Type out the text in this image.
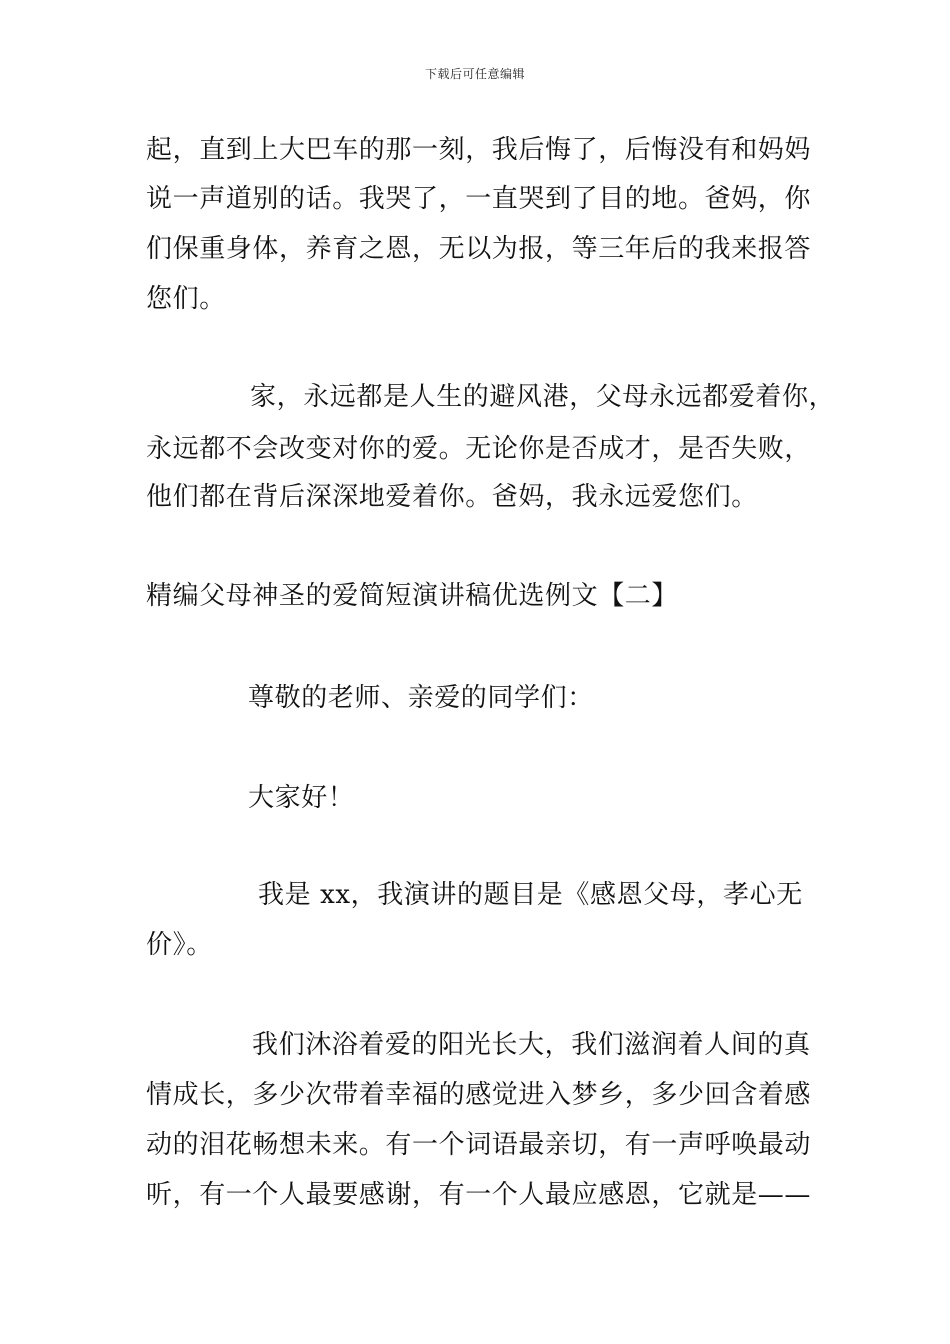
下载后可任意编辑
起，直到上大巴车的那一刻，我后悔了，后悔没有和妈妈
说一声道别的话。我哭了，一直哭到了目的地。爸妈，你
们保重身体，养育之恩，无以为报，等三年后的我来报答
您们。
家，永远都是人生的避风港，父母永远都爱着你，
永远都不会改变对你的爱。无论你是否成才，是否失败，
他们都在背后深深地爱着你。爸妈，我永远爱您们。
精编父母神圣的爱简短演讲稿优选例文【二】
尊敬的老师、亲爱的同学们：
大家好！
我是 xx，我演讲的题目是《感恩父母，孝心无
价》。
我们沐浴着爱的阳光长大，我们滋润着人间的真
情成长，多少次带着幸福的感觉进入梦乡，多少回含着感
动的泪花畅想未来。有一个词语最亲切，有一声呼唤最动
听，有一个人最要感谢，有一个人最应感恩，它就是——
